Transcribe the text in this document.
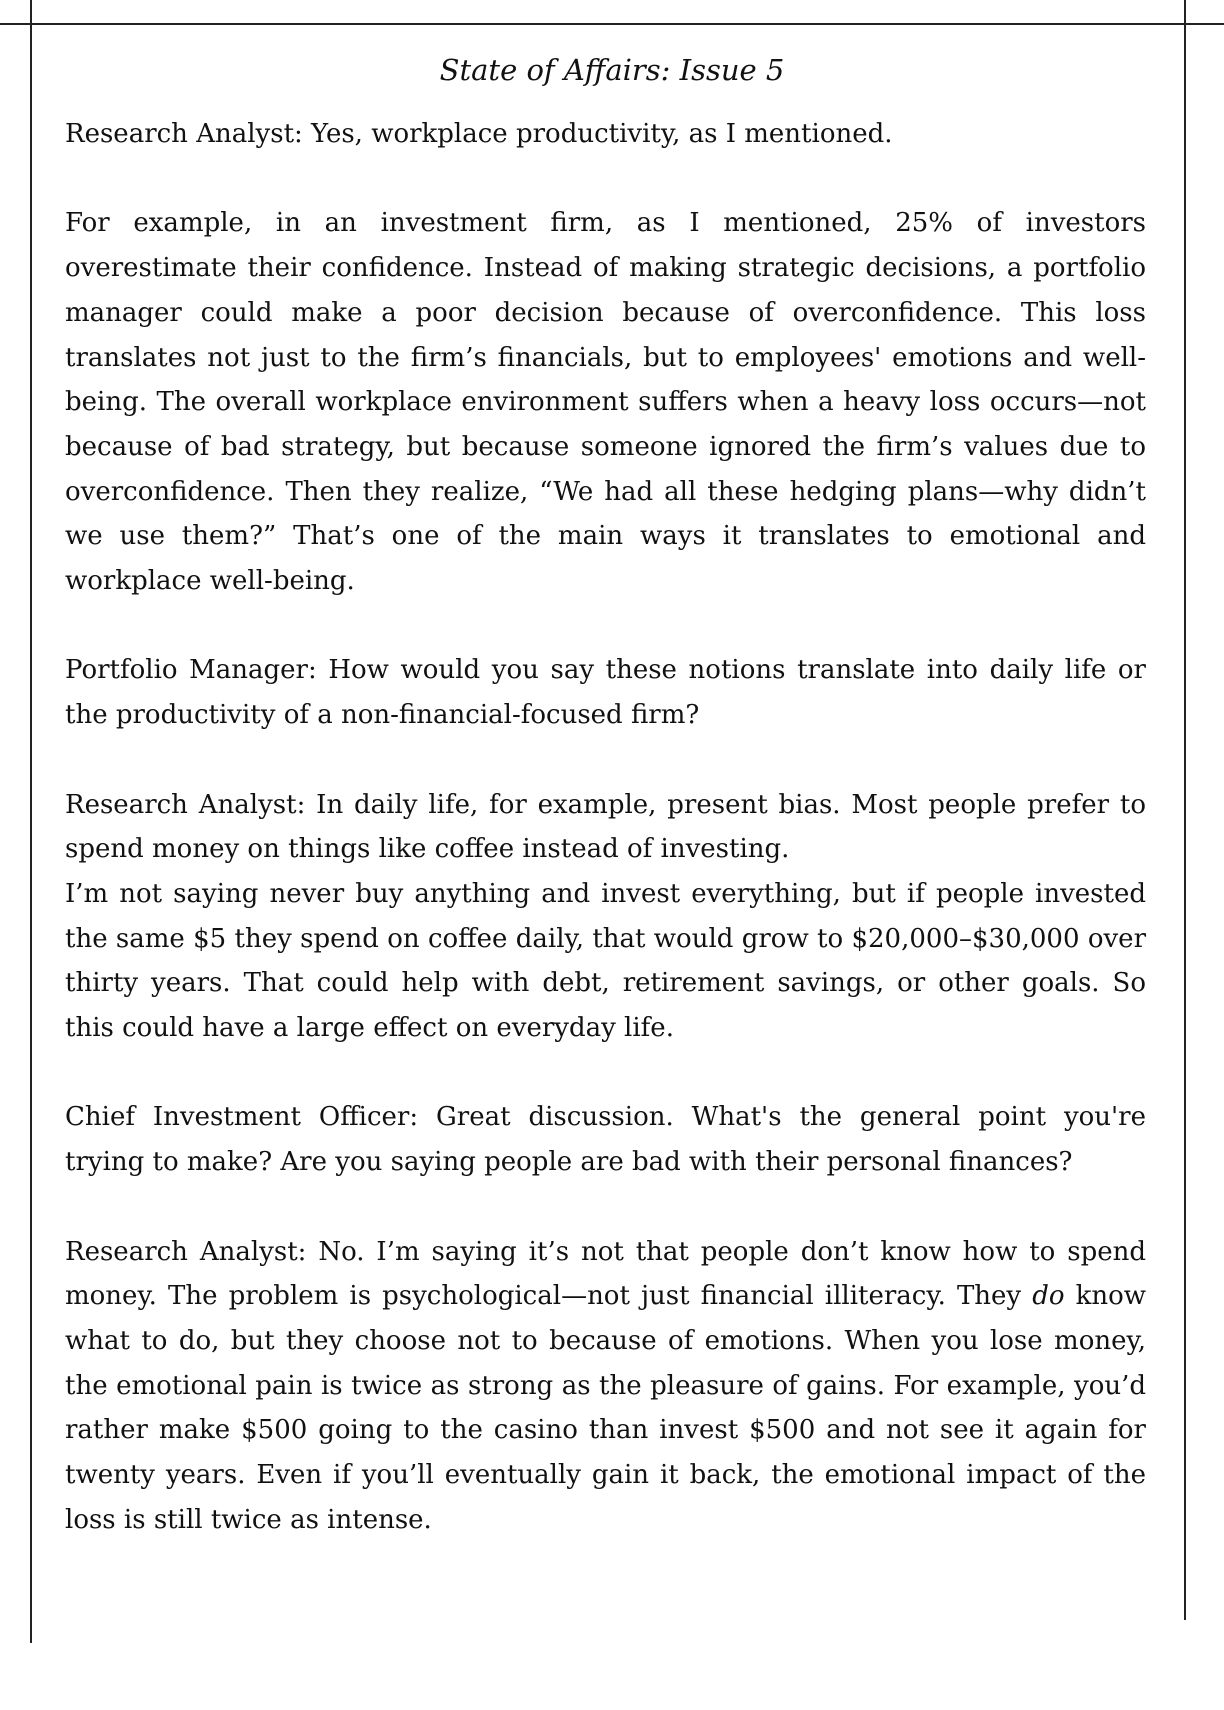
State of Affairs: Issue 5

Research Analyst: Yes, workplace productivity, as I mentioned.

For example, in an investment firm, as I mentioned, 25% of investors overestimate their confidence. Instead of making strategic decisions, a portfolio manager could make a poor decision because of overconfidence. This loss translates not just to the firm’s financials, but to employees' emotions and well-being. The overall workplace environment suffers when a heavy loss occurs—not because of bad strategy, but because someone ignored the firm’s values due to overconfidence. Then they realize, “We had all these hedging plans—why didn’t we use them?” That’s one of the main ways it translates to emotional and workplace well-being.

Portfolio Manager: How would you say these notions translate into daily life or the productivity of a non-financial-focused firm?

Research Analyst: In daily life, for example, present bias. Most people prefer to spend money on things like coffee instead of investing.

I’m not saying never buy anything and invest everything, but if people invested the same $5 they spend on coffee daily, that would grow to $20,000–$30,000 over thirty years. That could help with debt, retirement savings, or other goals. So this could have a large effect on everyday life.

Chief Investment Officer: Great discussion. What's the general point you're trying to make? Are you saying people are bad with their personal finances?

Research Analyst: No. I’m saying it’s not that people don’t know how to spend money. The problem is psychological—not just financial illiteracy. They do know what to do, but they choose not to because of emotions. When you lose money, the emotional pain is twice as strong as the pleasure of gains. For example, you’d rather make $500 going to the casino than invest $500 and not see it again for twenty years. Even if you’ll eventually gain it back, the emotional impact of the loss is still twice as intense.
